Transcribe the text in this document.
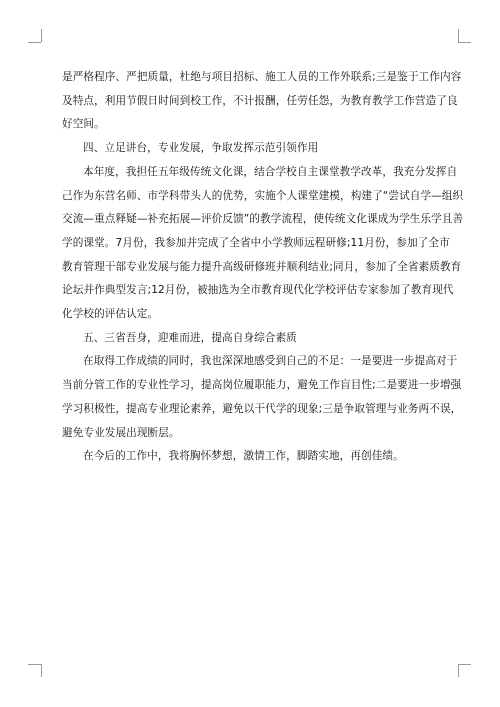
是严格程序、严把质量，杜绝与项目招标、施工人员的工作外联系;三是鉴于工作内容
及特点，利用节假日时间到校工作，不计报酬，任劳任怨，为教育教学工作营造了良
好空间。

四、立足讲台，专业发展，争取发挥示范引领作用

本年度，我担任五年级传统文化课，结合学校自主课堂教学改革，我充分发挥自
己作为东营名师、市学科带头人的优势，实施个人课堂建模，构建了“尝试自学—组织
交流—重点释疑—补充拓展—评价反馈”的教学流程，使传统文化课成为学生乐学且善
学的课堂。7月份，我参加并完成了全省中小学教师远程研修;11月份，参加了全市
教育管理干部专业发展与能力提升高级研修班并顺利结业;同月，参加了全省素质教育
论坛并作典型发言;12月份，被抽选为全市教育现代化学校评估专家参加了教育现代
化学校的评估认定。

五、三省吾身，迎难而进，提高自身综合素质

在取得工作成绩的同时，我也深深地感受到自己的不足：一是要进一步提高对于
当前分管工作的专业性学习，提高岗位履职能力，避免工作盲目性;二是要进一步增强
学习积极性，提高专业理论素养，避免以干代学的现象;三是争取管理与业务两不误，
避免专业发展出现断层。

在今后的工作中，我将胸怀梦想，激情工作，脚踏实地，再创佳绩。
